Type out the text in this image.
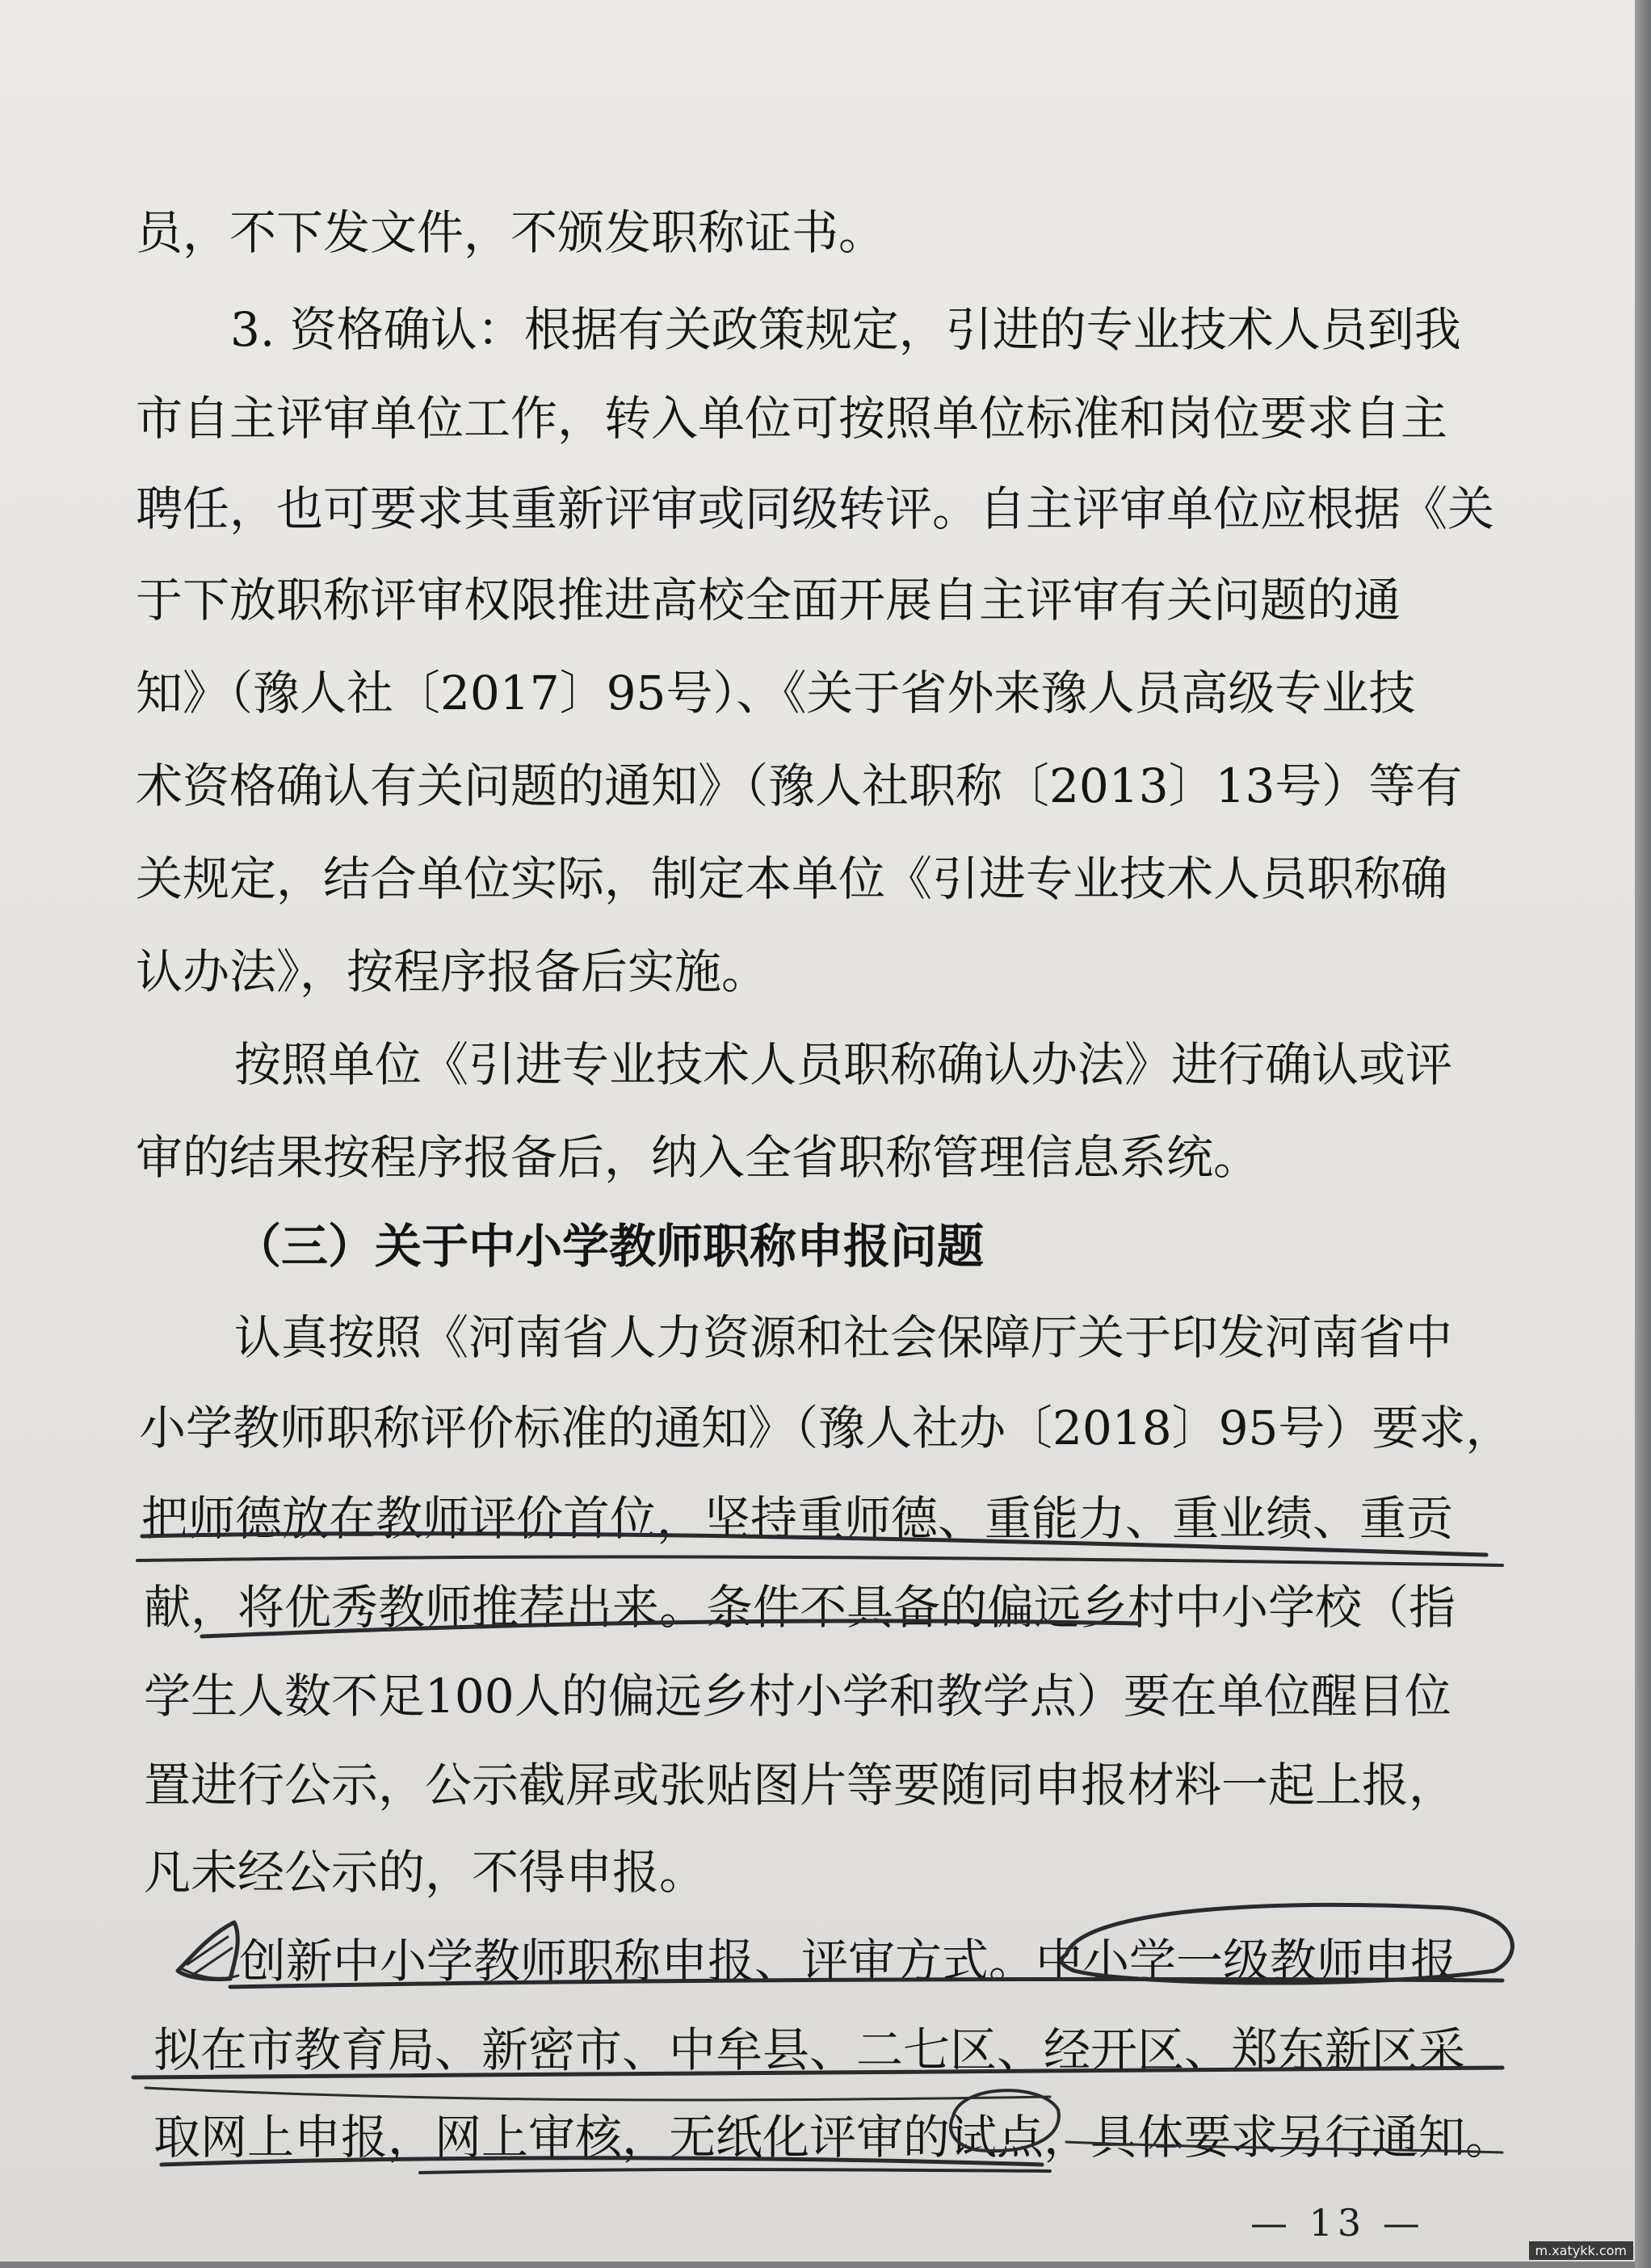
员，不下发文件，不颁发职称证书。
3. 资格确认：根据有关政策规定，引进的专业技术人员到我
市自主评审单位工作，转入单位可按照单位标准和岗位要求自主
聘任，也可要求其重新评审或同级转评。自主评审单位应根据《关
于下放职称评审权限推进高校全面开展自主评审有关问题的通
知》（豫人社〔2017〕95号）、《关于省外来豫人员高级专业技
术资格确认有关问题的通知》（豫人社职称〔2013〕13号）等有
关规定，结合单位实际，制定本单位《引进专业技术人员职称确
认办法》，按程序报备后实施。
按照单位《引进专业技术人员职称确认办法》进行确认或评
审的结果按程序报备后，纳入全省职称管理信息系统。
（三）关于中小学教师职称申报问题
认真按照《河南省人力资源和社会保障厅关于印发河南省中
小学教师职称评价标准的通知》（豫人社办〔2018〕95号）要求，
把师德放在教师评价首位，坚持重师德、重能力、重业绩、重贡
献，将优秀教师推荐出来。条件不具备的偏远乡村中小学校（指
学生人数不足100人的偏远乡村小学和教学点）要在单位醒目位
置进行公示，公示截屏或张贴图片等要随同申报材料一起上报，
凡未经公示的，不得申报。
创新中小学教师职称申报、评审方式。中小学一级教师申报
拟在市教育局、新密市、中牟县、二七区、经开区、郑东新区采
取网上申报，网上审核，无纸化评审的试点，具体要求另行通知。
— 13 —
m.xatykk.com
